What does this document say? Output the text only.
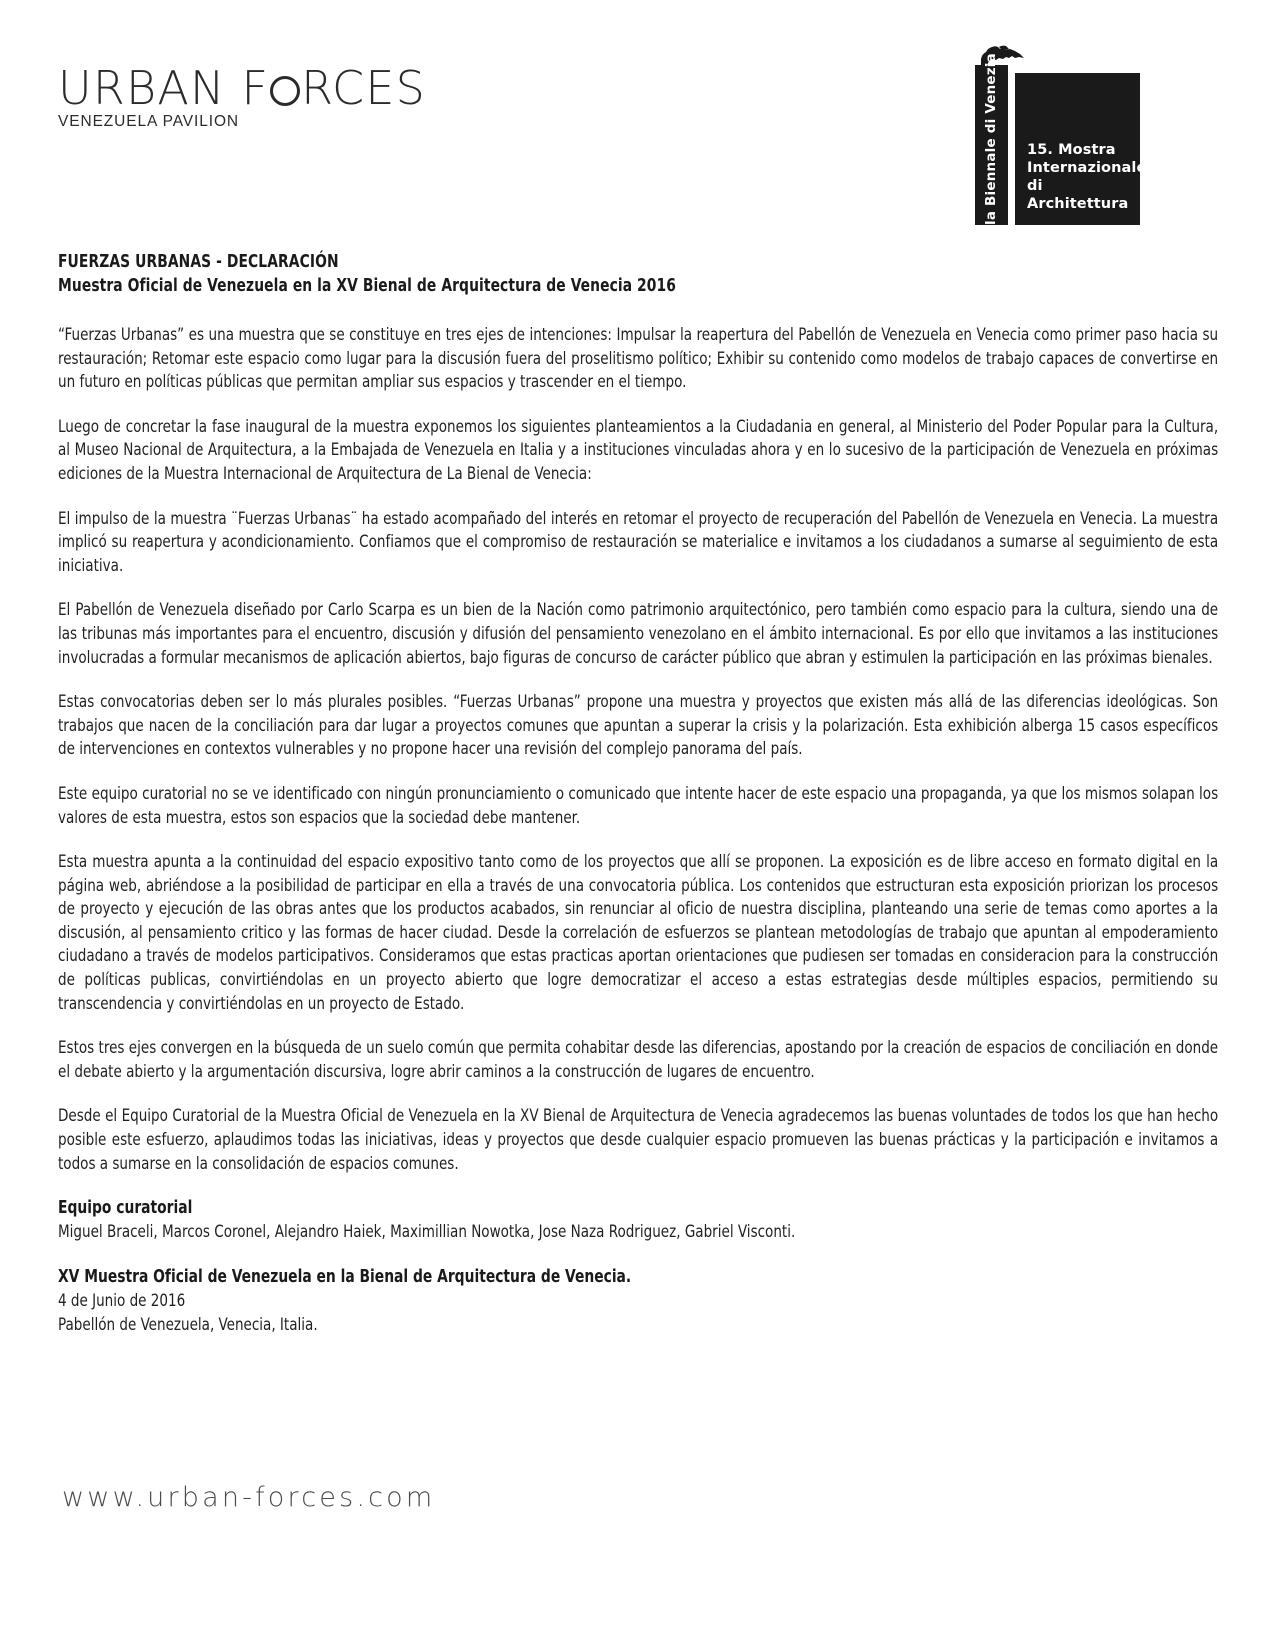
URBAN F RCES
VENEZUELA PAVILION	la Biennale di Venezia	15. Mostra
Internazionale
di Architettura
FUERZAS URBANAS - DECLARACIÓN
Muestra Oficial de Venezuela en la XV Bienal de Arquitectura de Venecia 2016

“Fuerzas Urbanas” es una muestra que se constituye en tres ejes de intenciones: Impulsar la reapertura del Pabellón de Venezuela en Venecia como primer paso hacia su restauración; Retomar este espacio como lugar para la discusión fuera del proselitismo político; Exhibir su contenido como modelos de trabajo capaces de convertirse en un futuro en políticas públicas que permitan ampliar sus espacios y trascender en el tiempo.

Luego de concretar la fase inaugural de la muestra exponemos los siguientes planteamientos a la Ciudadania en general, al Ministerio del Poder Popular para la Cultura, al Museo Nacional de Arquitectura, a la Embajada de Venezuela en Italia y a instituciones vinculadas ahora y en lo sucesivo de la participación de Venezuela en próximas ediciones de la Muestra Internacional de Arquitectura de La Bienal de Venecia:

El impulso de la muestra ¨Fuerzas Urbanas¨ ha estado acompañado del interés en retomar el proyecto de recuperación del Pabellón de Venezuela en Venecia. La muestra implicó su reapertura y acondicionamiento. Confiamos que el compromiso de restauración se materialice e invitamos a los ciudadanos a sumarse al seguimiento de esta iniciativa.

El Pabellón de Venezuela diseñado por Carlo Scarpa es un bien de la Nación como patrimonio arquitectónico, pero también como espacio para la cultura, siendo una de las tribunas más importantes para el encuentro, discusión y difusión del pensamiento venezolano en el ámbito internacional. Es por ello que invitamos a las instituciones involucradas a formular mecanismos de aplicación abiertos, bajo figuras de concurso de carácter público que abran y estimulen la participación en las próximas bienales.

Estas convocatorias deben ser lo más plurales posibles. “Fuerzas Urbanas” propone una muestra y proyectos que existen más allá de las diferencias ideológicas. Son trabajos que nacen de la conciliación para dar lugar a proyectos comunes que apuntan a superar la crisis y la polarización. Esta exhibición alberga 15 casos específicos de intervenciones en contextos vulnerables y no propone hacer una revisión del complejo panorama del país.

Este equipo curatorial no se ve identificado con ningún pronunciamiento o comunicado que intente hacer de este espacio una propaganda, ya que los mismos solapan los valores de esta muestra, estos son espacios que la sociedad debe mantener.

Esta muestra apunta a la continuidad del espacio expositivo tanto como de los proyectos que allí se proponen. La exposición es de libre acceso en formato digital en la página web, abriéndose a la posibilidad de participar en ella a través de una convocatoria pública. Los contenidos que estructuran esta exposición priorizan los procesos de proyecto y ejecución de las obras antes que los productos acabados, sin renunciar al oficio de nuestra disciplina, planteando una serie de temas como aportes a la discusión, al pensamiento critico y las formas de hacer ciudad. Desde la correlación de esfuerzos se plantean metodologías de trabajo que apuntan al empoderamiento ciudadano a través de modelos participativos. Consideramos que estas practicas aportan orientaciones que pudiesen ser tomadas en consideracion para la construcción de políticas publicas, convirtiéndolas en un proyecto abierto que logre democratizar el acceso a estas estrategias desde múltiples espacios, permitiendo su transcendencia y convirtiéndolas en un proyecto de Estado.

Estos tres ejes convergen en la búsqueda de un suelo común que permita cohabitar desde las diferencias, apostando por la creación de espacios de conciliación en donde el debate abierto y la argumentación discursiva, logre abrir caminos a la construcción de lugares de encuentro.

Desde el Equipo Curatorial de la Muestra Oficial de Venezuela en la XV Bienal de Arquitectura de Venecia agradecemos las buenas voluntades de todos los que han hecho posible este esfuerzo, aplaudimos todas las iniciativas, ideas y proyectos que desde cualquier espacio promueven las buenas prácticas y la participación e invitamos a todos a sumarse en la consolidación de espacios comunes.

Equipo curatorial
Miguel Braceli, Marcos Coronel, Alejandro Haiek, Maximillian Nowotka, Jose Naza Rodriguez, Gabriel Visconti.
XV Muestra Oficial de Venezuela en la Bienal de Arquitectura de Venecia.
4 de Junio de 2016
Pabellón de Venezuela, Venecia, Italia.
www.urban-forces.com
